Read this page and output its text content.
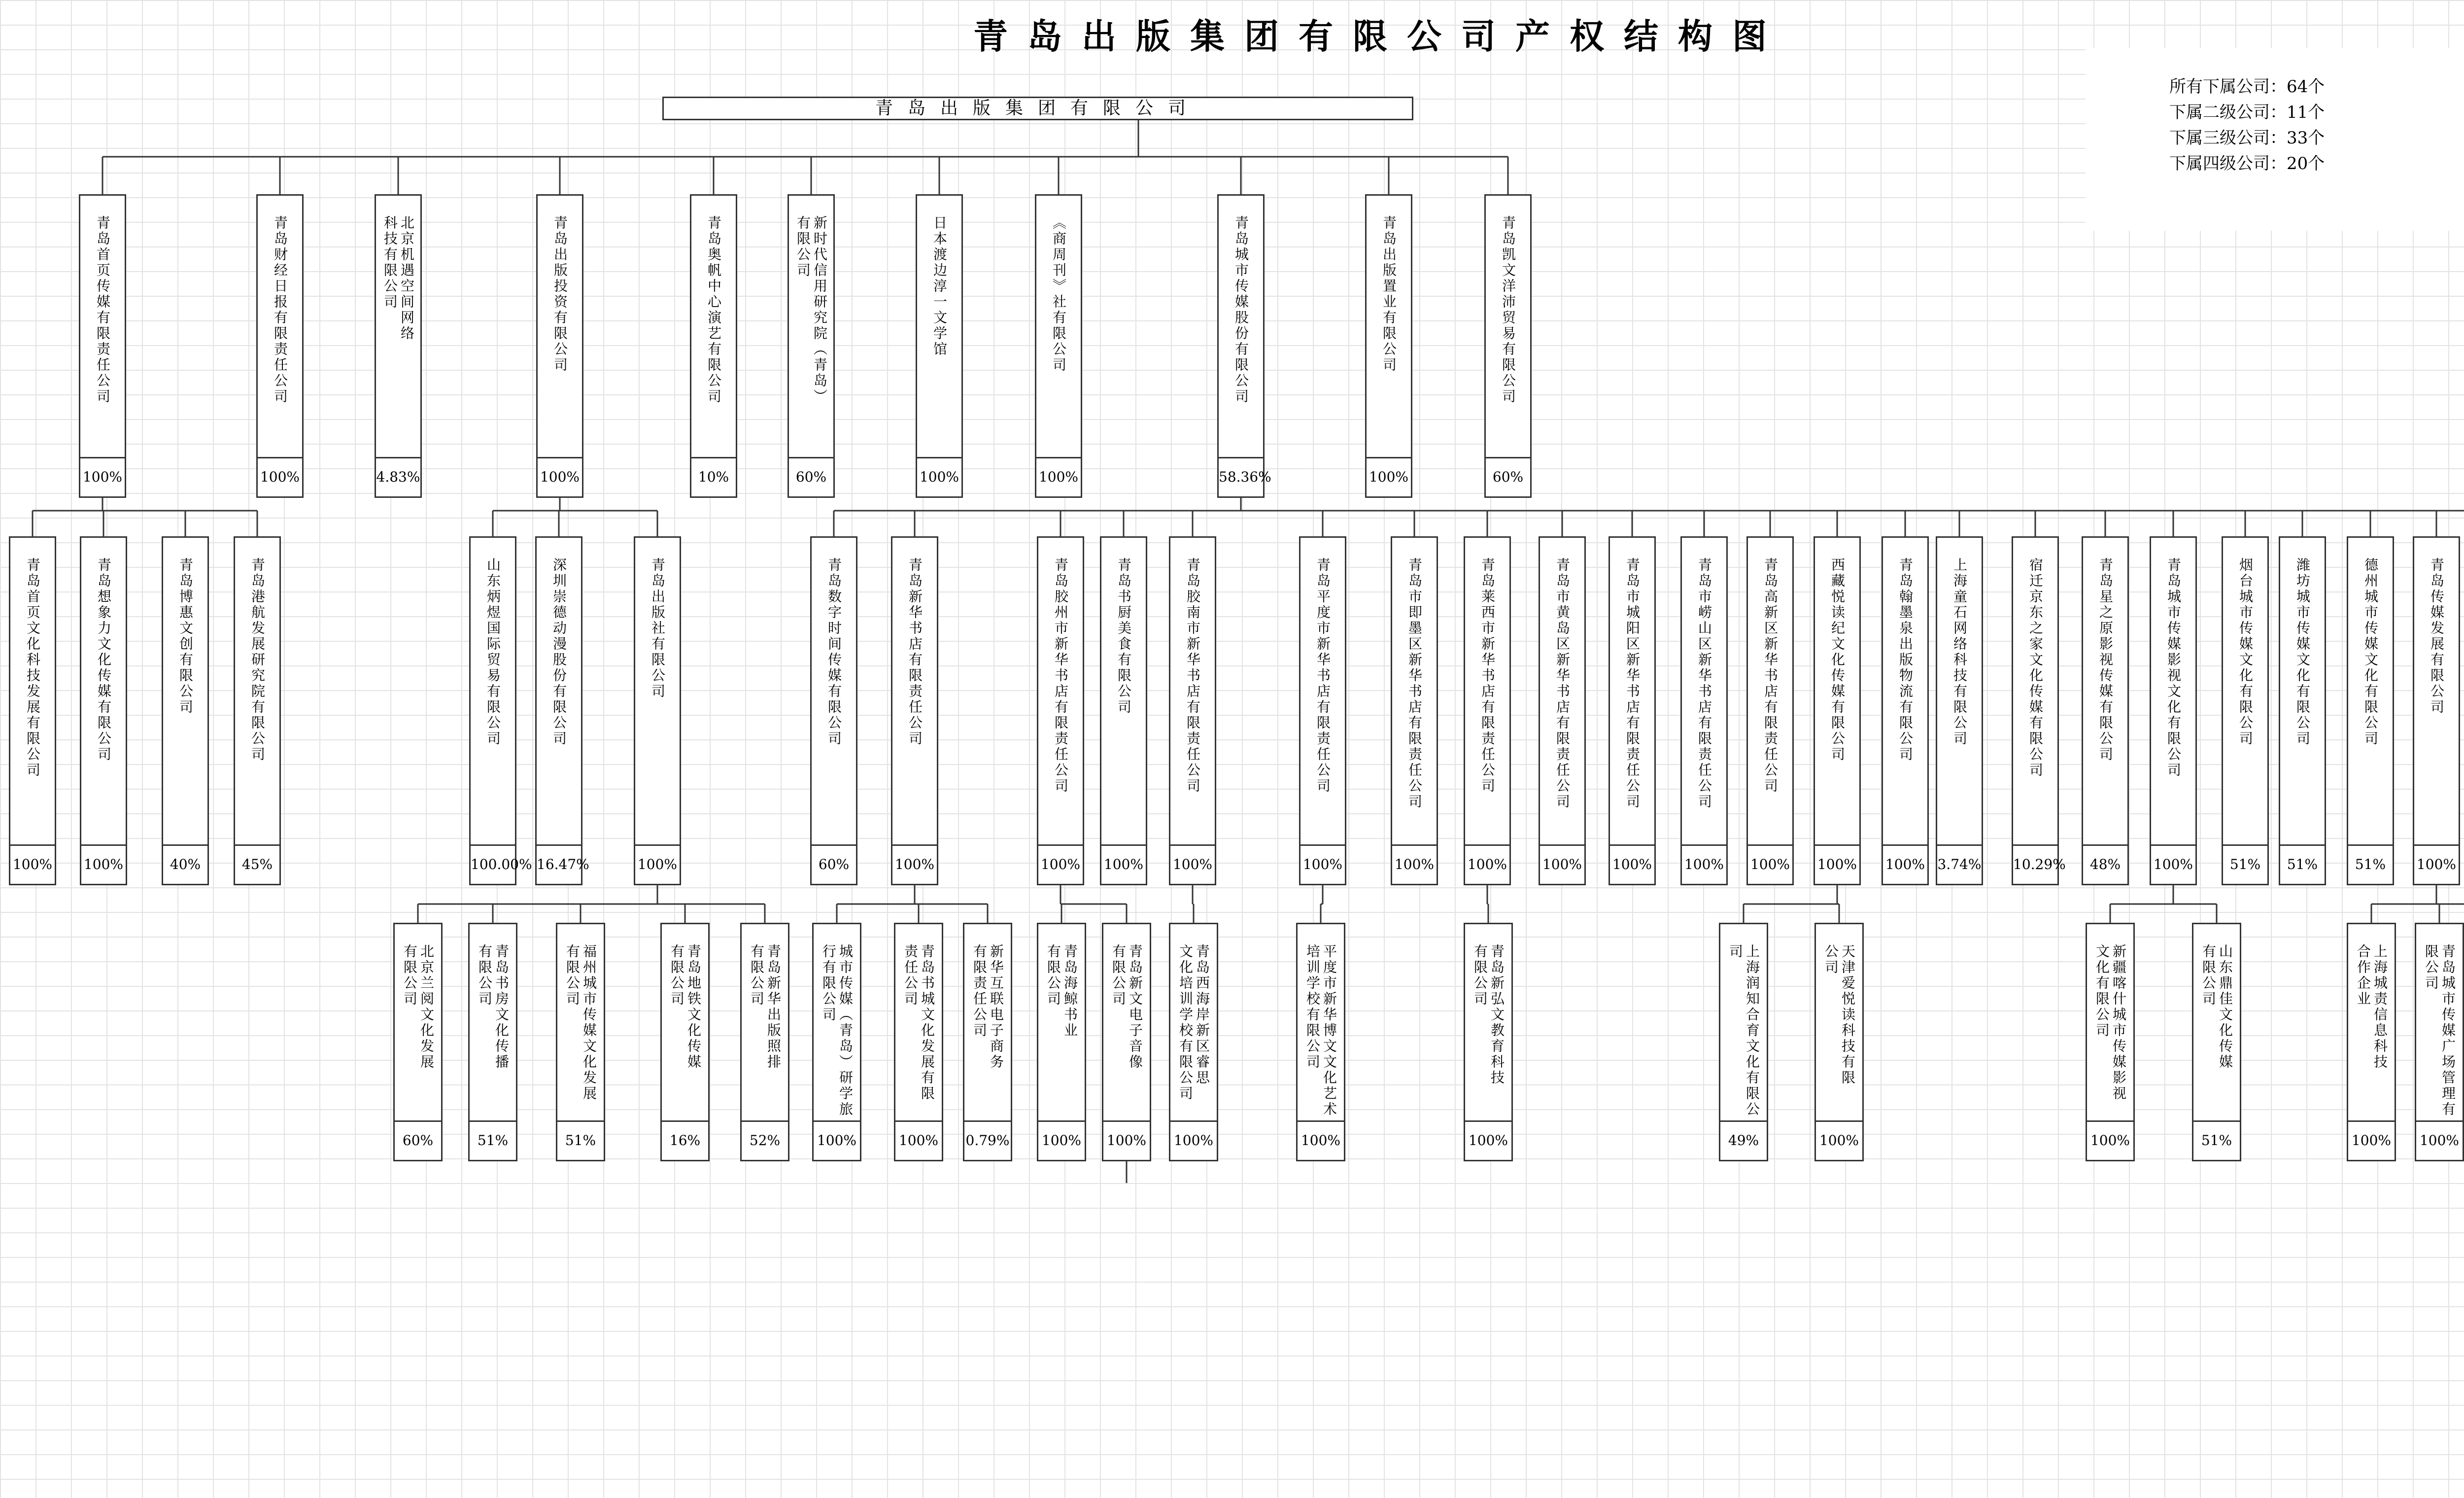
青岛出版集团有限公司产权结构图
青岛出版集团有限公司
所有下属公司：64个
下属二级公司：11个
下属三级公司：33个
下属四级公司：20个
青岛首页传媒有限责任公司
100%
青岛财经日报有限责任公司
100%
北京机遇空间网络
科技有限公司
4.83%
青岛出版投资有限公司
100%
青岛奥帆中心演艺有限公司
10%
新时代信用研究院（青岛）
有限公司
60%
日本渡边淳一文学馆
100%
《商周刊》社有限公司
100%
青岛城市传媒股份有限公司
58.36%
青岛出版置业有限公司
100%
青岛凯文洋沛贸易有限公司
60%
青岛首页文化科技发展有限公司
100%
青岛想象力文化传媒有限公司
100%
青岛博惠文创有限公司
40%
青岛港航发展研究院有限公司
45%
山东炳煜国际贸易有限公司
100.00%
深圳崇德动漫股份有限公司
16.47%
青岛出版社有限公司
100%
青岛数字时间传媒有限公司
60%
青岛新华书店有限责任公司
100%
青岛胶州市新华书店有限责任公司
100%
青岛书厨美食有限公司
100%
青岛胶南市新华书店有限责任公司
100%
青岛平度市新华书店有限责任公司
100%
青岛市即墨区新华书店有限责任公司
100%
青岛莱西市新华书店有限责任公司
100%
青岛市黄岛区新华书店有限责任公司
100%
青岛市城阳区新华书店有限责任公司
100%
青岛市崂山区新华书店有限责任公司
100%
青岛高新区新华书店有限责任公司
100%
西藏悦读纪文化传媒有限公司
100%
青岛翰墨泉出版物流有限公司
100%
上海童石网络科技有限公司
3.74%
宿迁京东之家文化传媒有限公司
10.29%
青岛星之原影视传媒有限公司
48%
青岛城市传媒影视文化有限公司
100%
烟台城市传媒文化有限公司
51%
潍坊城市传媒文化有限公司
51%
德州城市传媒文化有限公司
51%
青岛传媒发展有限公司
100%
北京兰阅文化发展
有限公司
60%
青岛书房文化传播
有限公司
51%
福州城市传媒文化发展
有限公司
51%
青岛地铁文化传媒
有限公司
16%
青岛新华出版照排
有限公司
52%
城市传媒（青岛）研学旅
行有限公司
100%
青岛书城文化发展有限
责任公司
100%
新华互联电子商务
有限责任公司
0.79%
青岛海鲸书业
有限公司
100%
青岛新文电子音像
有限公司
100%
青岛西海岸新区睿思
文化培训学校有限公司
100%
平度市新华博文文化艺术
培训学校有限公司
100%
青岛新弘文教育科技
有限公司
100%
上海润知合育文化有限公
司
49%
天津爱悦读科技有限
公司
100%
新疆喀什城市传媒影视
文化有限公司
100%
山东鼎佳文化传媒
有限公司
51%
上海城责信息科技
合作企业
100%
青岛城市传媒广场管理有
限公司
100%
